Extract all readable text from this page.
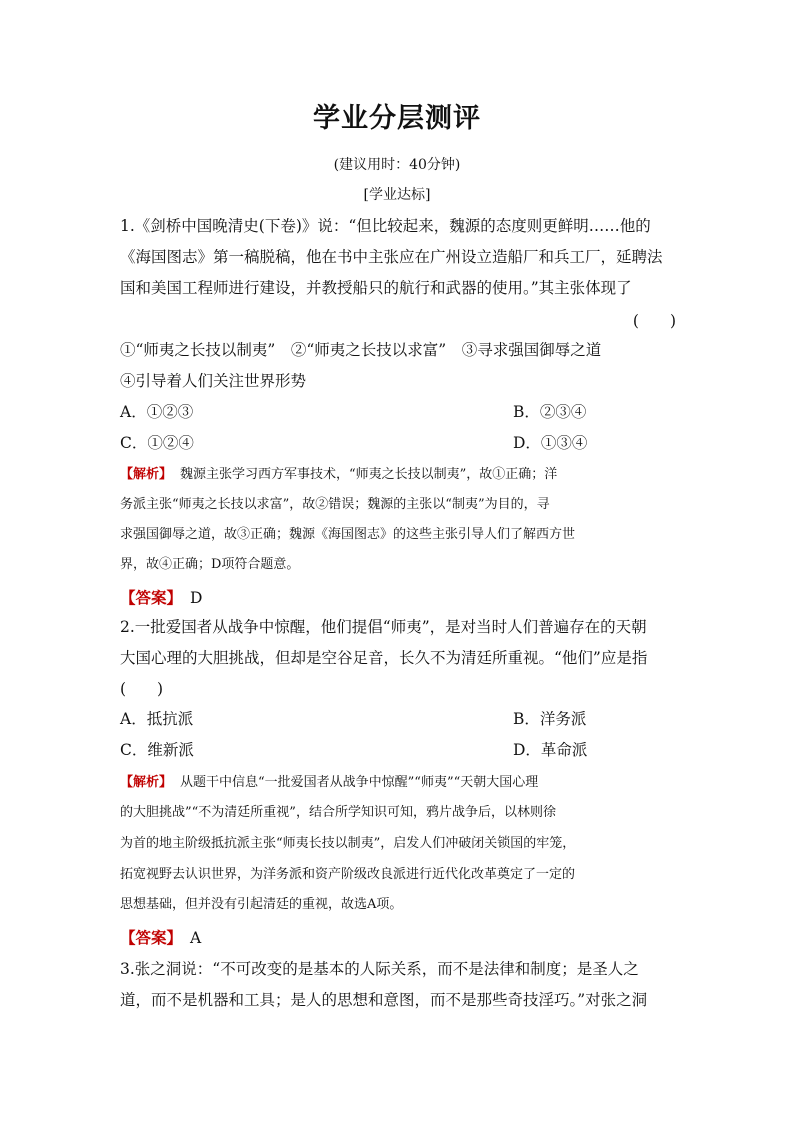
学业分层测评
(建议用时：40分钟)
[学业达标]
1.《剑桥中国晚清史(下卷)》说：“但比较起来，魏源的态度则更鲜明……他的
《海国图志》第一稿脱稿，他在书中主张应在广州设立造船厂和兵工厂，延聘法
国和美国工程师进行建设，并教授船只的航行和武器的使用。”其主张体现了
(　　)
①“师夷之长技以制夷”　②“师夷之长技以求富”　③寻求强国御辱之道
④引导着人们关注世界形势
A．①②③	B．②③④
C．①②④	D．①③④
【解析】 魏源主张学习西方军事技术，“师夷之长技以制夷”，故①正确；洋
务派主张“师夷之长技以求富”，故②错误；魏源的主张以“制夷”为目的，寻
求强国御辱之道，故③正确；魏源《海国图志》的这些主张引导人们了解西方世
界，故④正确；D项符合题意。
【答案】 D
2.一批爱国者从战争中惊醒，他们提倡“师夷”，是对当时人们普遍存在的天朝
大国心理的大胆挑战，但却是空谷足音，长久不为清廷所重视。“他们”应是指
(　　)
A．抵抗派	B．洋务派
C．维新派	D．革命派
【解析】 从题干中信息“一批爱国者从战争中惊醒”“师夷”“天朝大国心理
的大胆挑战”“不为清廷所重视”，结合所学知识可知，鸦片战争后，以林则徐
为首的地主阶级抵抗派主张“师夷长技以制夷”，启发人们冲破闭关锁国的牢笼，
拓宽视野去认识世界，为洋务派和资产阶级改良派进行近代化改革奠定了一定的
思想基础，但并没有引起清廷的重视，故选A项。
【答案】 A
3.张之洞说：“不可改变的是基本的人际关系，而不是法律和制度；是圣人之
道，而不是机器和工具；是人的思想和意图，而不是那些奇技淫巧。”对张之洞
